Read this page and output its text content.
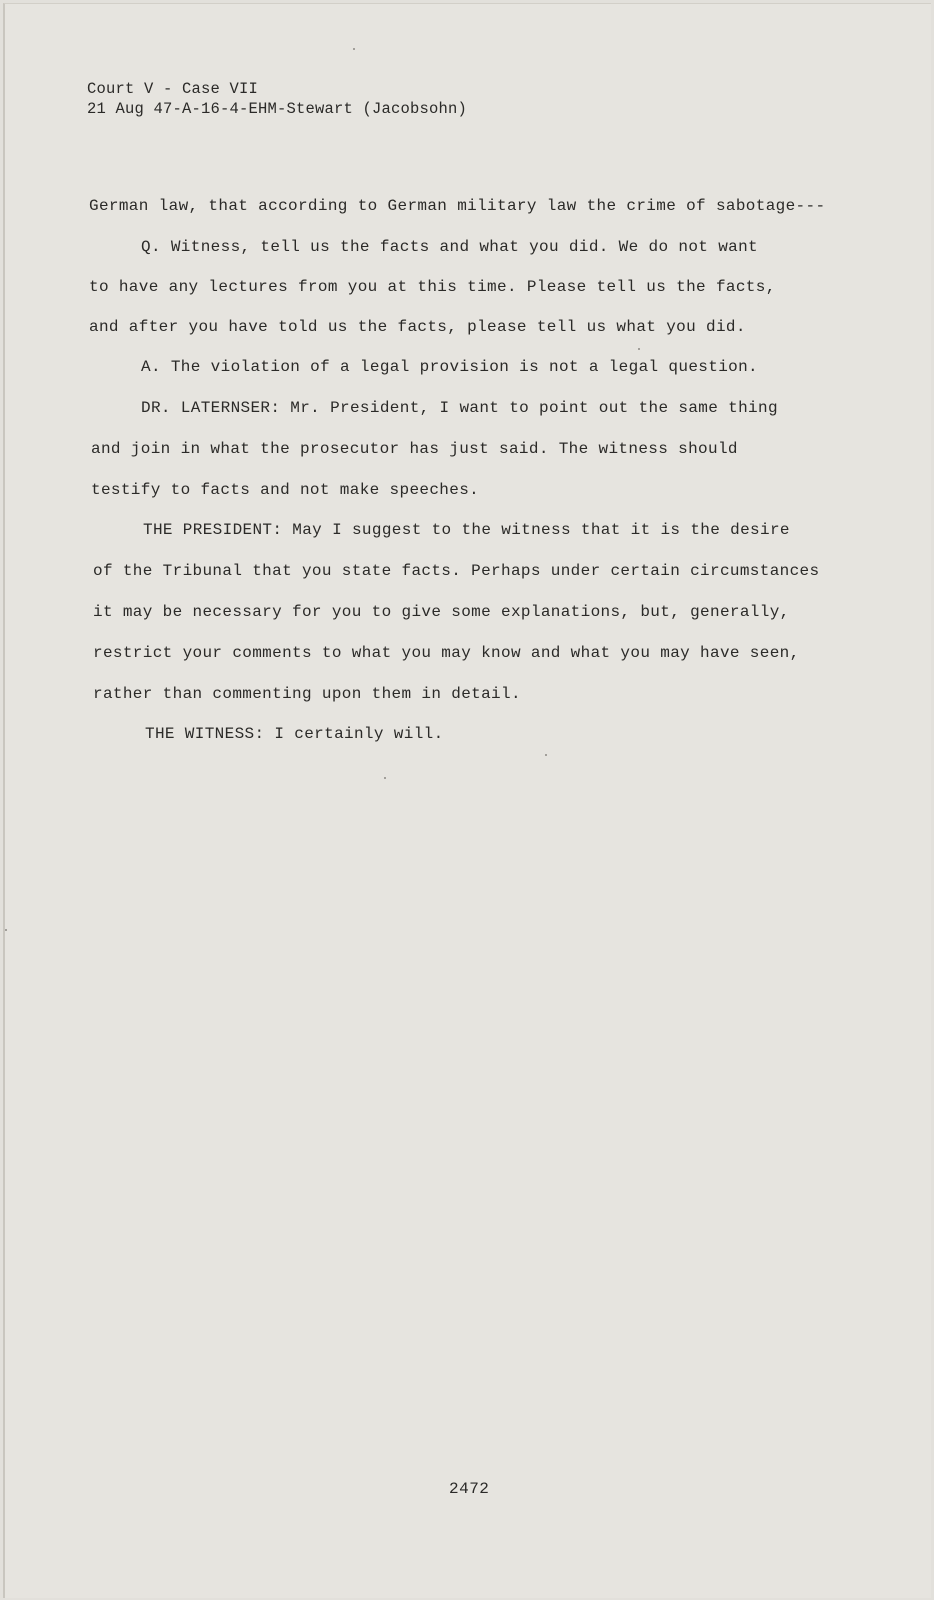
Court V - Case VII
21 Aug 47-A-16-4-EHM-Stewart (Jacobsohn)
German law, that according to German military law the crime of sabotage---
Q. Witness, tell us the facts and what you did. We do not want
to have any lectures from you at this time. Please tell us the facts,
and after you have told us the facts, please tell us what you did.
A. The violation of a legal provision is not a legal question.
DR. LATERNSER: Mr. President, I want to point out the same thing
and join in what the prosecutor has just said. The witness should
testify to facts and not make speeches.
THE PRESIDENT: May I suggest to the witness that it is the desire
of the Tribunal that you state facts. Perhaps under certain circumstances
it may be necessary for you to give some explanations, but, generally,
restrict your comments to what you may know and what you may have seen,
rather than commenting upon them in detail.
THE WITNESS: I certainly will.
2472
